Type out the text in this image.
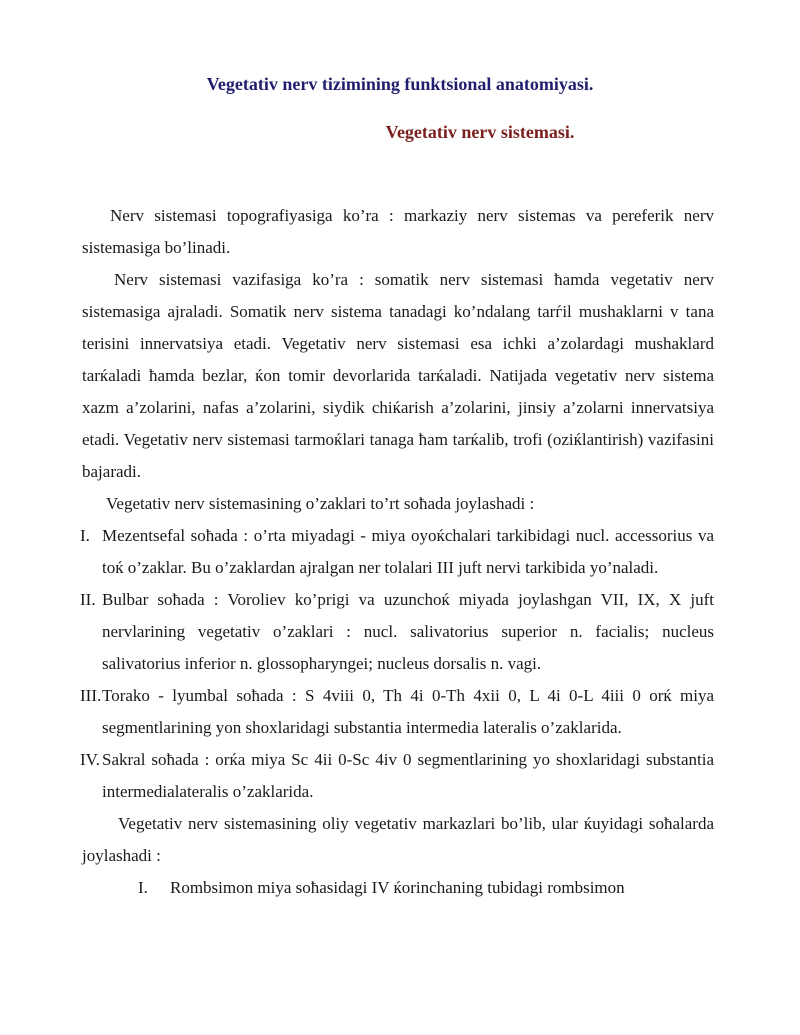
Vegetativ nerv tizimining funktsional anatomiyasi.
Vegetativ nerv sistemasi.

Nerv sistemasi topografiyasiga ko’ra : markaziy nerv sistemas va pereferik nerv sistemasiga bo’linadi.

Nerv sistemasi vazifasiga ko’ra : somatik nerv sistemasi ħamda vegetativ nerv sistemasiga ajraladi. Somatik nerv sistema tanadagi ko’ndalang tarѓil mushaklarni v tana terisini innervatsiya etadi. Vegetativ nerv sistemasi esa ichki a’zolardagi mushaklard tarќaladi ħamda bezlar, ќon tomir devorlarida tarќaladi. Natijada vegetativ nerv sistema xazm a’zolarini, nafas a’zolarini, siydik chiќarish a’zolarini, jinsiy a’zolarni innervatsiya etadi. Vegetativ nerv sistemasi tarmoќlari tanaga ħam tarќalib, trofi (oziќlantirish) vazifasini bajaradi.

Vegetativ nerv sistemasining o’zaklari to’rt soħada joylashadi :

I. Mezentsefal soħada : o’rta miyadagi - miya oyoќchalari tarkibidagi nucl. accessorius va toќ o’zaklar. Bu o’zaklardan ajralgan ner tolalari III juft nervi tarkibida yo’naladi.
II. Bulbar soħada : Voroliev ko’prigi va uzunchoќ miyada joylashgan VII, IX, X juft nervlarining vegetativ o’zaklari : nucl. salivatorius superior n. facialis; nucleus salivatorius inferior n. glossopharyngei; nucleus dorsalis n. vagi.
III. Torako - lyumbal soħada : S 4viii 0, Th 4i 0-Th 4xii 0, L 4i 0-L 4iii 0 orќ miya segmentlarining yon shoxlaridagi substantia intermedia lateralis o’zaklarida.
IV. Sakral soħada : orќa miya Sc 4ii 0-Sc 4iv 0 segmentlarining yo shoxlaridagi substantia intermedialateralis o’zaklarida.

Vegetativ nerv sistemasining oliy vegetativ markazlari bo’lib, ular ќuyidagi soħalarda joylashadi :

I. Rombsimon miya soħasidagi IV ќorinchaning tubidagi rombsimon
